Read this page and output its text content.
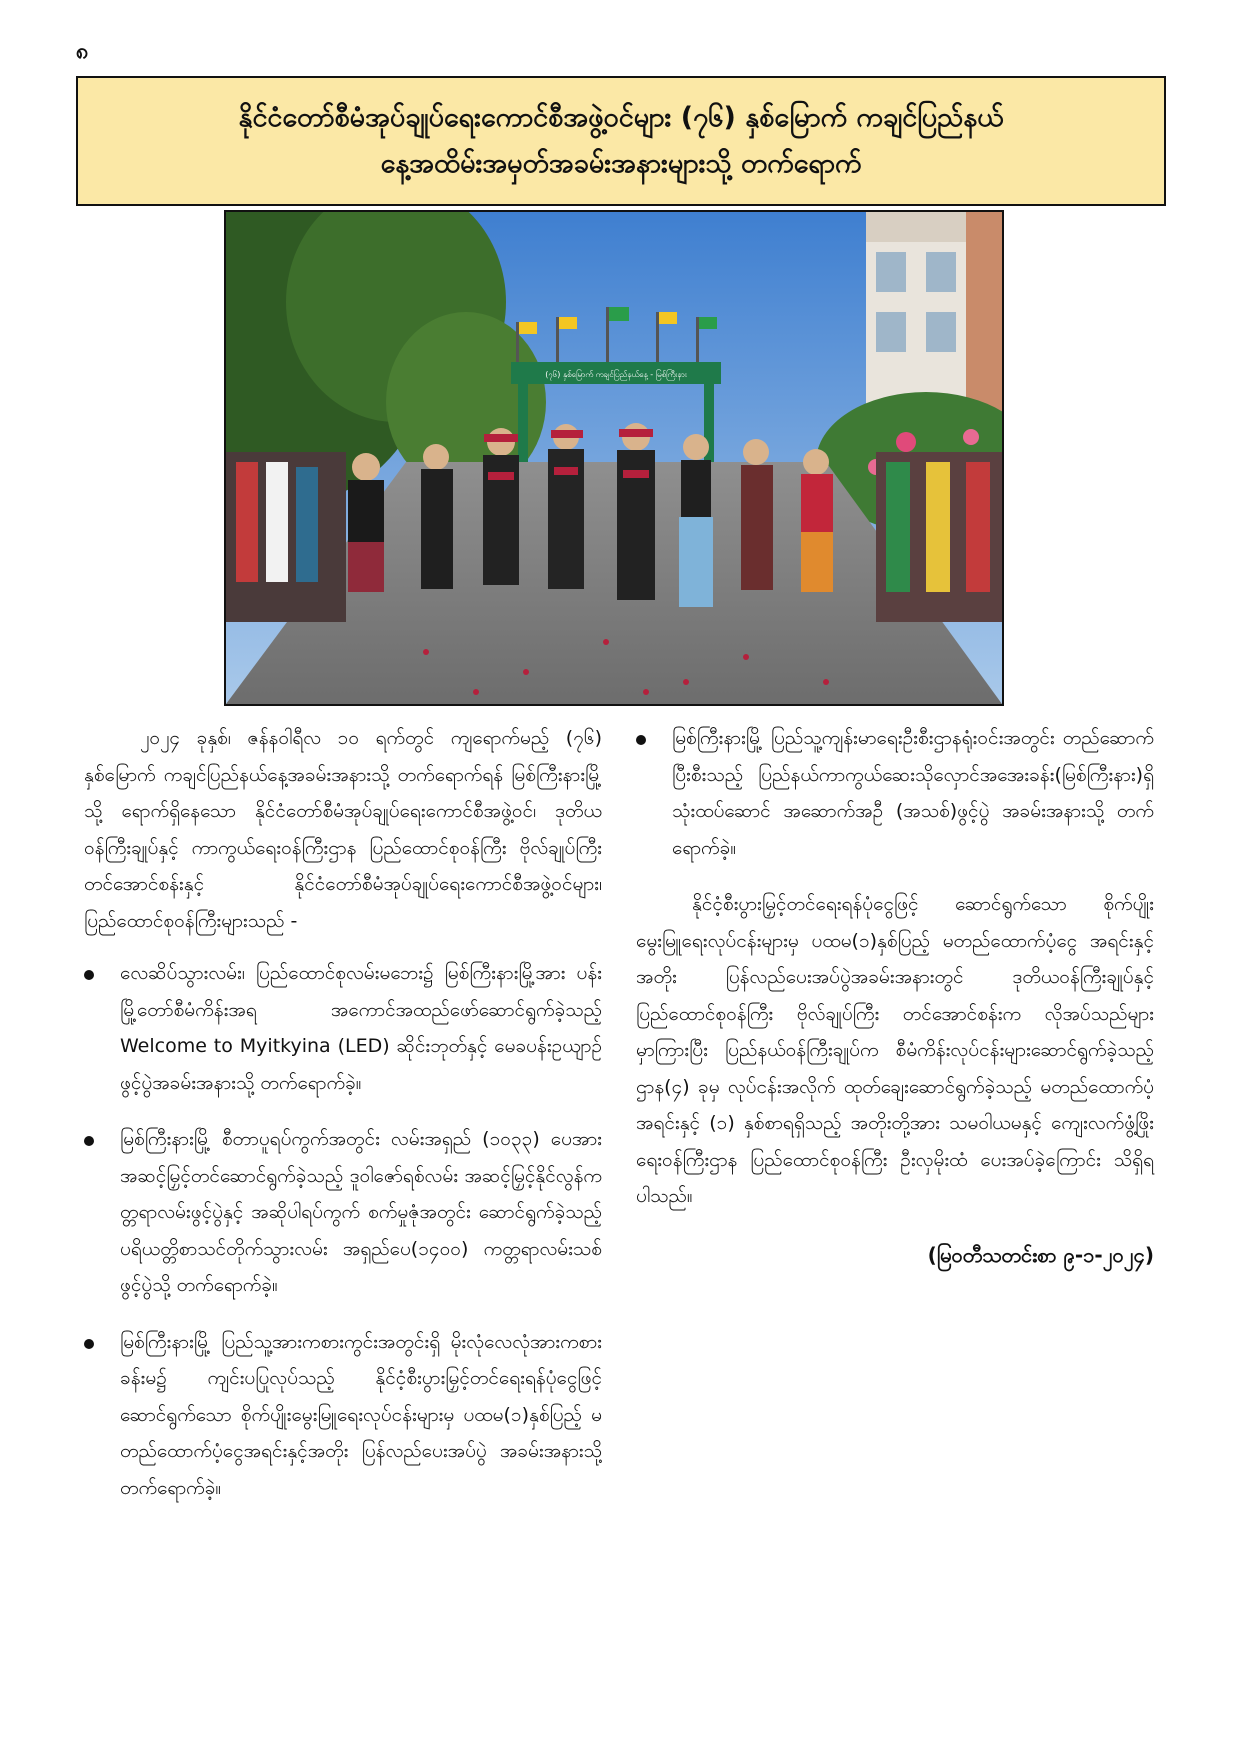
၈
နိုင်ငံတော်စီမံအုပ်ချုပ်ရေးကောင်စီအဖွဲ့ဝင်များ (၇၆) နှစ်မြောက် ကချင်ပြည်နယ်
နေ့အထိမ်းအမှတ်အခမ်းအနားများသို့ တက်ရောက်
(၇၆) နှစ်မြောက် ကချင်ပြည်နယ်နေ့ - မြစ်ကြီးနား

၂၀၂၄ ခုနှစ်၊ ဇန်နဝါရီလ ၁၀ ရက်တွင် ကျရောက်မည့် (၇၆) နှစ်မြောက် ကချင်ပြည်နယ်နေ့အခမ်းအနားသို့ တက်ရောက်ရန် မြစ်ကြီးနားမြို့သို့ ရောက်ရှိနေသော နိုင်ငံတော်စီမံအုပ်ချုပ်ရေးကောင်စီအဖွဲ့ဝင်၊ ဒုတိယဝန်ကြီးချုပ်နှင့် ကာကွယ်ရေးဝန်ကြီးဌာန ပြည်ထောင်စုဝန်ကြီး ဗိုလ်ချုပ်ကြီးတင်အောင်စန်းနှင့် နိုင်ငံတော်စီမံအုပ်ချုပ်ရေးကောင်စီအဖွဲ့ဝင်များ၊ ပြည်ထောင်စုဝန်ကြီးများသည် -

လေဆိပ်သွားလမ်း၊ ပြည်ထောင်စုလမ်းမဘေး၌ မြစ်ကြီးနားမြို့အား ပန်းမြို့တော်စီမံကိန်းအရ အကောင်အထည်ဖော်ဆောင်ရွက်ခဲ့သည့် Welcome to Myitkyina (LED) ဆိုင်းဘုတ်နှင့် မေခပန်းဥယျာဉ်ဖွင့်ပွဲအခမ်းအနားသို့ တက်ရောက်ခဲ့။
မြစ်ကြီးနားမြို့ စီတာပူရပ်ကွက်အတွင်း လမ်းအရှည် (၁၀၃၃) ပေအား အဆင့်မြှင့်တင်ဆောင်ရွက်ခဲ့သည့် ဒူဝါဇော်ရစ်လမ်း အဆင့်မြှင့်နိုင်လွန်ကတ္တရာလမ်းဖွင့်ပွဲနှင့် အဆိုပါရပ်ကွက် စက်မှုဇုံအတွင်း ဆောင်ရွက်ခဲ့သည့် ပရိယတ္တိစာသင်တိုက်သွားလမ်း အရှည်ပေ(၁၄၀၀) ကတ္တရာလမ်းသစ်ဖွင့်ပွဲသို့ တက်ရောက်ခဲ့။
မြစ်ကြီးနားမြို့ ပြည်သူ့အားကစားကွင်းအတွင်းရှိ မိုးလုံလေလုံအားကစားခန်းမ၌ ကျင်းပပြုလုပ်သည့် နိုင်ငံ့စီးပွားမြှင့်တင်ရေးရန်ပုံငွေဖြင့် ဆောင်ရွက်သော စိုက်ပျိုးမွေးမြူရေးလုပ်ငန်းများမှ ပထမ(၁)နှစ်ပြည့် မတည်ထောက်ပံ့ငွေအရင်းနှင့်အတိုး ပြန်လည်ပေးအပ်ပွဲ အခမ်းအနားသို့ တက်ရောက်ခဲ့။
မြစ်ကြီးနားမြို့ ပြည်သူ့ကျန်းမာရေးဦးစီးဌာနရုံးဝင်းအတွင်း တည်ဆောက်ပြီးစီးသည့် ပြည်နယ်ကာကွယ်ဆေးသိုလှောင်အအေးခန်း(မြစ်ကြီးနား)ရှိ သုံးထပ်ဆောင် အဆောက်အဦ (အသစ်)ဖွင့်ပွဲ အခမ်းအနားသို့ တက်ရောက်ခဲ့။

နိုင်ငံ့စီးပွားမြှင့်တင်ရေးရန်ပုံငွေဖြင့် ဆောင်ရွက်သော စိုက်ပျိုးမွေးမြူရေးလုပ်ငန်းများမှ ပထမ(၁)နှစ်ပြည့် မတည်ထောက်ပံ့ငွေ အရင်းနှင့်အတိုး ပြန်လည်ပေးအပ်ပွဲအခမ်းအနားတွင် ဒုတိယဝန်ကြီးချုပ်နှင့် ပြည်ထောင်စုဝန်ကြီး ဗိုလ်ချုပ်ကြီး တင်အောင်စန်းက လိုအပ်သည်များမှာကြားပြီး ပြည်နယ်ဝန်ကြီးချုပ်က စီမံကိန်းလုပ်ငန်းများဆောင်ရွက်ခဲ့သည့် ဌာန(၄) ခုမှ လုပ်ငန်းအလိုက် ထုတ်ချေးဆောင်ရွက်ခဲ့သည့် မတည်ထောက်ပံ့အရင်းနှင့် (၁) နှစ်စာရရှိသည့် အတိုးတို့အား သမဝါယမနှင့် ကျေးလက်ဖွံ့ဖြိုးရေးဝန်ကြီးဌာန ပြည်ထောင်စုဝန်ကြီး ဦးလှမိုးထံ ပေးအပ်ခဲ့ကြောင်း သိရှိရပါသည်။

(မြဝတီသတင်းစာ ၉-၁-၂၀၂၄)
